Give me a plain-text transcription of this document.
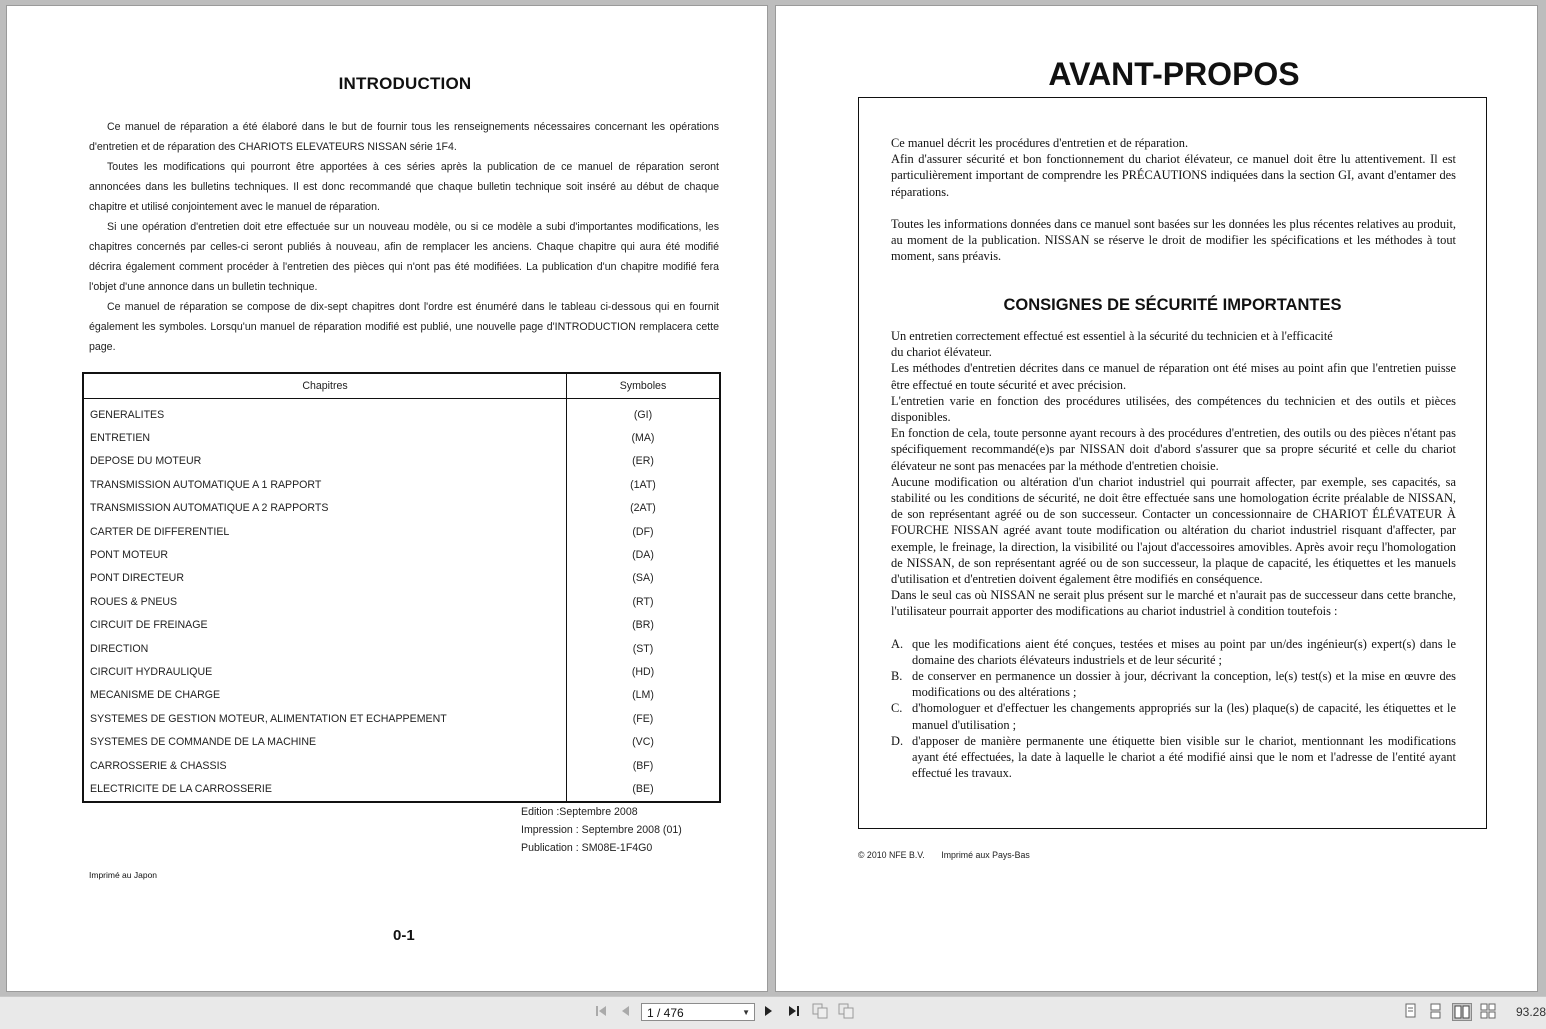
INTRODUCTION

Ce manuel de réparation a été élaboré dans le but de fournir tous les renseignements nécessaires concernant les opérations d'entretien et de réparation des CHARIOTS ELEVATEURS NISSAN série 1F4.

Toutes les modifications qui pourront être apportées à ces séries après la publication de ce manuel de réparation seront annoncées dans les bulletins techniques. Il est donc recommandé que chaque bulletin technique soit inséré au début de chaque chapitre et utilisé conjointement avec le manuel de réparation.

Si une opération d'entretien doit etre effectuée sur un nouveau modèle, ou si ce modèle a subi d'importantes modifications, les chapitres concernés par celles-ci seront publiés à nouveau, afin de remplacer les anciens. Chaque chapitre qui aura été modifié décrira également comment procéder à l'entretien des pièces qui n'ont pas été modifiées. La publication d'un chapitre modifié fera l'objet d'une annonce dans un bulletin technique.

Ce manuel de réparation se compose de dix-sept chapitres dont l'ordre est énuméré dans le tableau ci-dessous qui en fournit également les symboles. Lorsqu'un manuel de réparation modifié est publié, une nouvelle page d'INTRODUCTION remplacera cette page.

Chapitres	Symboles
GENERALITES	(GI)
ENTRETIEN	(MA)
DEPOSE DU MOTEUR	(ER)
TRANSMISSION AUTOMATIQUE A 1 RAPPORT	(1AT)
TRANSMISSION AUTOMATIQUE A 2 RAPPORTS	(2AT)
CARTER DE DIFFERENTIEL	(DF)
PONT MOTEUR	(DA)
PONT DIRECTEUR	(SA)
ROUES & PNEUS	(RT)
CIRCUIT DE FREINAGE	(BR)
DIRECTION	(ST)
CIRCUIT HYDRAULIQUE	(HD)
MECANISME DE CHARGE	(LM)
SYSTEMES DE GESTION MOTEUR, ALIMENTATION ET ECHAPPEMENT	(FE)
SYSTEMES DE COMMANDE DE LA MACHINE	(VC)
CARROSSERIE & CHASSIS	(BF)
ELECTRICITE DE LA CARROSSERIE	(BE)
Edition :Septembre 2008
Impression : Septembre 2008 (01)
Publication : SM08E-1F4G0
Imprimé au Japon
0-1
AVANT-PROPOS

Ce manuel décrit les procédures d'entretien et de réparation.

Afin d'assurer sécurité et bon fonctionnement du chariot élévateur, ce manuel doit être lu attentivement. Il est particulièrement important de comprendre les PRÉCAUTIONS indiquées dans la section GI, avant d'entamer des réparations.

Toutes les informations données dans ce manuel sont basées sur les données les plus récentes relatives au produit, au moment de la publication. NISSAN se réserve le droit de modifier les spécifications et les méthodes à tout moment, sans préavis.

CONSIGNES DE SÉCURITÉ IMPORTANTES

Un entretien correctement effectué est essentiel à la sécurité du technicien et à l'efficacité

du chariot élévateur.

Les méthodes d'entretien décrites dans ce manuel de réparation ont été mises au point afin que l'entretien puisse être effectué en toute sécurité et avec précision.

L'entretien varie en fonction des procédures utilisées, des compétences du technicien et des outils et pièces disponibles.

En fonction de cela, toute personne ayant recours à des procédures d'entretien, des outils ou des pièces n'étant pas spécifiquement recommandé(e)s par NISSAN doit d'abord s'assurer que sa propre sécurité et celle du chariot élévateur ne sont pas menacées par la méthode d'entretien choisie.

Aucune modification ou altération d'un chariot industriel qui pourrait affecter, par exemple, ses capacités, sa stabilité ou les conditions de sécurité, ne doit être effectuée sans une homologation écrite préalable de NISSAN, de son représentant agréé ou de son successeur. Contacter un concessionnaire de CHARIOT ÉLÉVATEUR À FOURCHE NISSAN agréé avant toute modification ou altération du chariot industriel risquant d'affecter, par exemple, le freinage, la direction, la visibilité ou l'ajout d'accessoires amovibles. Après avoir reçu l'homologation de NISSAN, de son représentant agréé ou de son successeur, la plaque de capacité, les étiquettes et les manuels d'utilisation et d'entretien doivent également être modifiés en conséquence.

Dans le seul cas où NISSAN ne serait plus présent sur le marché et n'aurait pas de successeur dans cette branche, l'utilisateur pourrait apporter des modifications au chariot industriel à condition toutefois :

A. que les modifications aient été conçues, testées et mises au point par un/des ingénieur(s) expert(s) dans le domaine des chariots élévateurs industriels et de leur sécurité ;
B. de conserver en permanence un dossier à jour, décrivant la conception, le(s) test(s) et la mise en œuvre des modifications ou des altérations ;
C. d'homologuer et d'effectuer les changements appropriés sur la (les) plaque(s) de capacité, les étiquettes et le manuel d'utilisation ;
D. d'apposer de manière permanente une étiquette bien visible sur le chariot, mentionnant les modifications ayant été effectuées, la date à laquelle le chariot a été modifié ainsi que le nom et l'adresse de l'entité ayant effectué les travaux.
© 2010 NFE B.V. Imprimé aux Pays-Bas
1 / 476	▼	93.28
